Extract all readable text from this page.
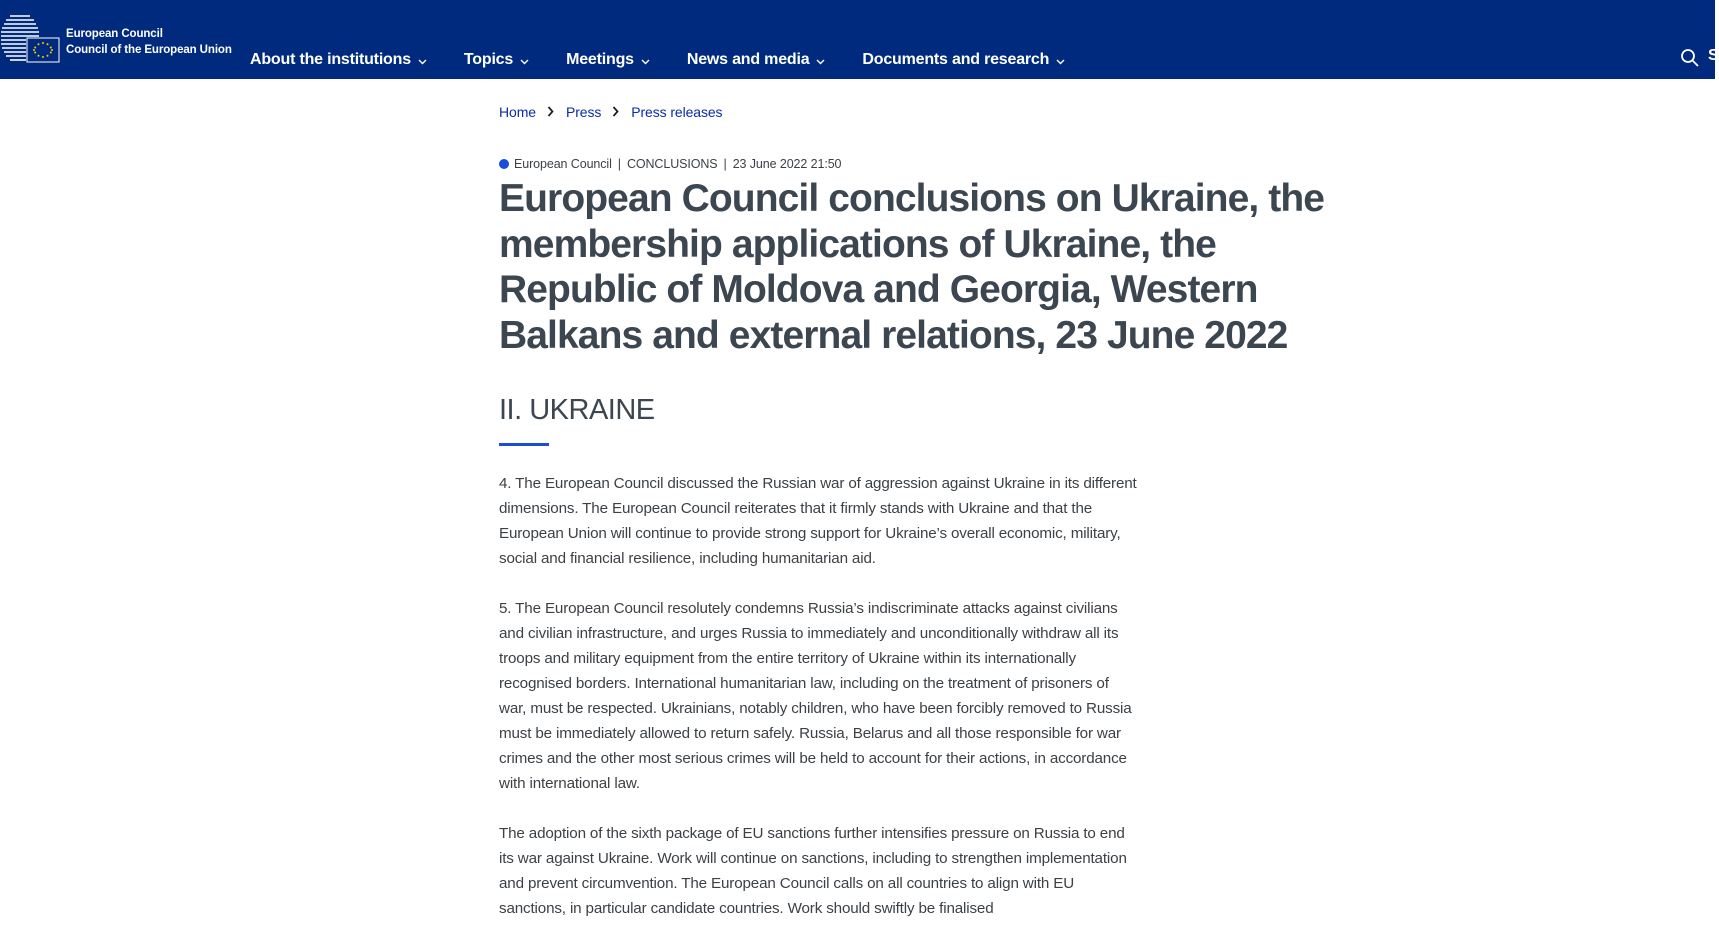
European Council
Council of the European Union
About the institutions	Topics	Meetings	News and media	Documents and research	S
Home Press Press releases
European Council | CONCLUSIONS | 23 June 2022 21:50
European Council conclusions on Ukraine, the membership applications of Ukraine, the Republic of Moldova and Georgia, Western Balkans and external relations, 23 June 2022
II. UKRAINE

4. The European Council discussed the Russian war of aggression against Ukraine in its different dimensions. The European Council reiterates that it firmly stands with Ukraine and that the European Union will continue to provide strong support for Ukraine’s overall economic, military, social and financial resilience, including humanitarian aid.

5. The European Council resolutely condemns Russia’s indiscriminate attacks against civilians and civilian infrastructure, and urges Russia to immediately and unconditionally withdraw all its troops and military equipment from the entire territory of Ukraine within its internationally recognised borders. International humanitarian law, including on the treatment of prisoners of war, must be respected. Ukrainians, notably children, who have been forcibly removed to Russia must be immediately allowed to return safely. Russia, Belarus and all those responsible for war crimes and the other most serious crimes will be held to account for their actions, in accordance with international law.

The adoption of the sixth package of EU sanctions further intensifies pressure on Russia to end its war against Ukraine. Work will continue on sanctions, including to strengthen implementation and prevent circumvention. The European Council calls on all countries to align with EU sanctions, in particular candidate countries. Work should swiftly be finalised
